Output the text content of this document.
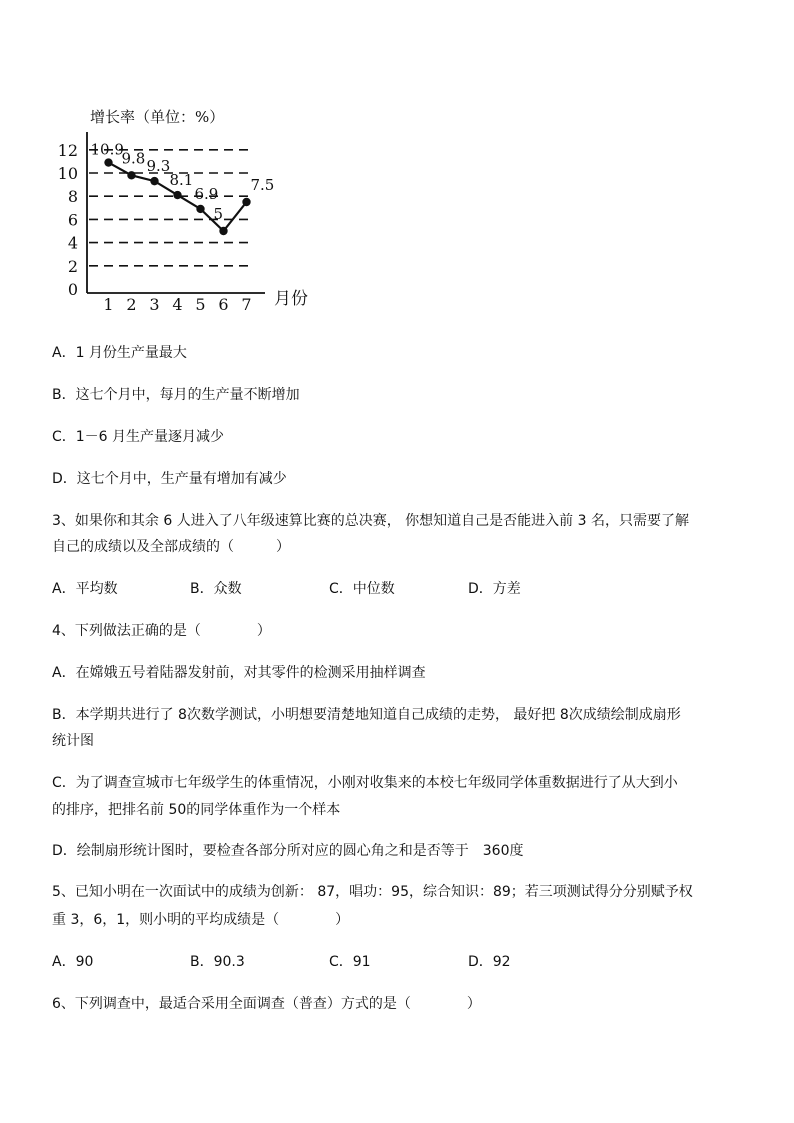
增长率（单位：%）
0
2
4
6
8
10
12
1 2 3 4 5 6 7
10.9
9.8 9.3
8.1
6.9
5
7.5
月份
A．1 月份生产量最大
B．这七个月中，每月的生产量不断增加
C．1－6 月生产量逐月减少
D．这七个月中，生产量有增加有减少
3、如果你和其余 6 人进入了八年级速算比赛的总决赛， 你想知道自己是否能进入前 3 名，只需要了解
自己的成绩以及全部成绩的（　　　）
A．平均数	B．众数	C．中位数	D．方差
4、下列做法正确的是（　　　　）
A．在嫦娥五号着陆器发射前，对其零件的检测采用抽样调查
B．本学期共进行了 8次数学测试，小明想要清楚地知道自己成绩的走势， 最好把 8次成绩绘制成扇形
统计图
C．为了调查宣城市七年级学生的体重情况，小刚对收集来的本校七年级同学体重数据进行了从大到小
的排序，把排名前 50的同学体重作为一个样本
D．绘制扇形统计图时，要检查各部分所对应的圆心角之和是否等于　360度
5、已知小明在一次面试中的成绩为创新： 87，唱功：95，综合知识：89；若三项测试得分分别赋予权
重 3，6，1，则小明的平均成绩是（　　　　）
A．90	B．90.3	C．91	D．92
6、下列调查中，最适合采用全面调查（普查）方式的是（　　　　）
